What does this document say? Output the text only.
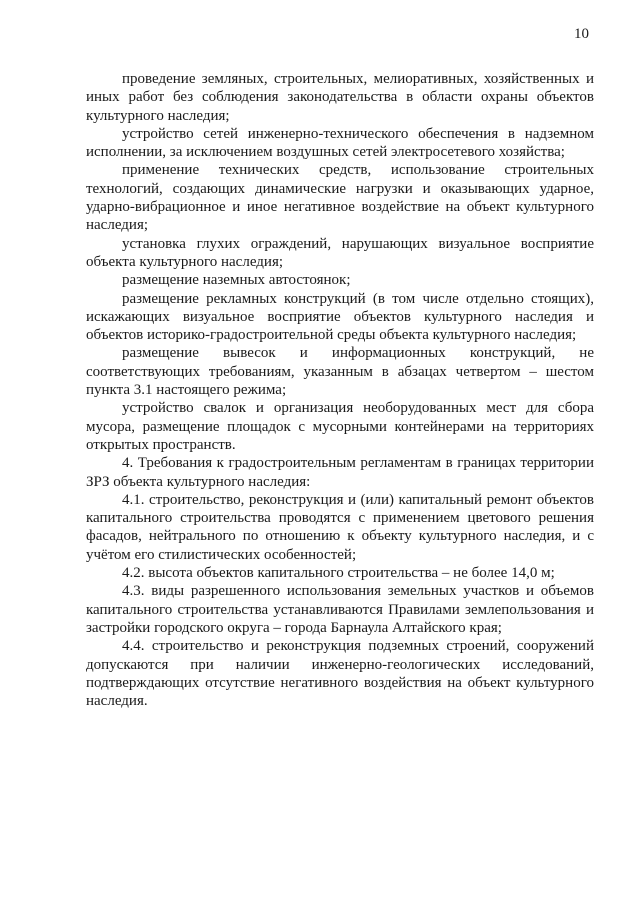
10

проведение земляных, строительных, мелиоративных, хозяйственных и иных работ без соблюдения законодательства в области охраны объектов культурного наследия;

устройство сетей инженерно-технического обеспечения в надземном исполнении, за исключением воздушных сетей электросетевого хозяйства;

применение технических средств, использование строительных технологий, создающих динамические нагрузки и оказывающих ударное, ударно-вибрационное и иное негативное воздействие на объект культурного наследия;

установка глухих ограждений, нарушающих визуальное восприятие объекта культурного наследия;

размещение наземных автостоянок;

размещение рекламных конструкций (в том числе отдельно стоящих), искажающих визуальное восприятие объектов культурного наследия и объектов историко-градостроительной среды объекта культурного наследия;

размещение вывесок и информационных конструкций, не соответствующих требованиям, указанным в абзацах четвертом – шестом пункта 3.1 настоящего режима;

устройство свалок и организация необорудованных мест для сбора мусора, размещение площадок с мусорными контейнерами на территориях открытых пространств.

4. Требования к градостроительным регламентам в границах территории ЗРЗ объекта культурного наследия:

4.1. строительство, реконструкция и (или) капитальный ремонт объектов капитального строительства проводятся с применением цветового решения фасадов, нейтрального по отношению к объекту культурного наследия, и с учётом его стилистических особенностей;

4.2. высота объектов капитального строительства – не более 14,0 м;

4.3. виды разрешенного использования земельных участков и объемов капитального строительства устанавливаются Правилами землепользования и застройки городского округа – города Барнаула Алтайского края;

4.4. строительство и реконструкция подземных строений, сооружений допускаются при наличии инженерно-геологических исследований, подтверждающих отсутствие негативного воздействия на объект культурного наследия.
